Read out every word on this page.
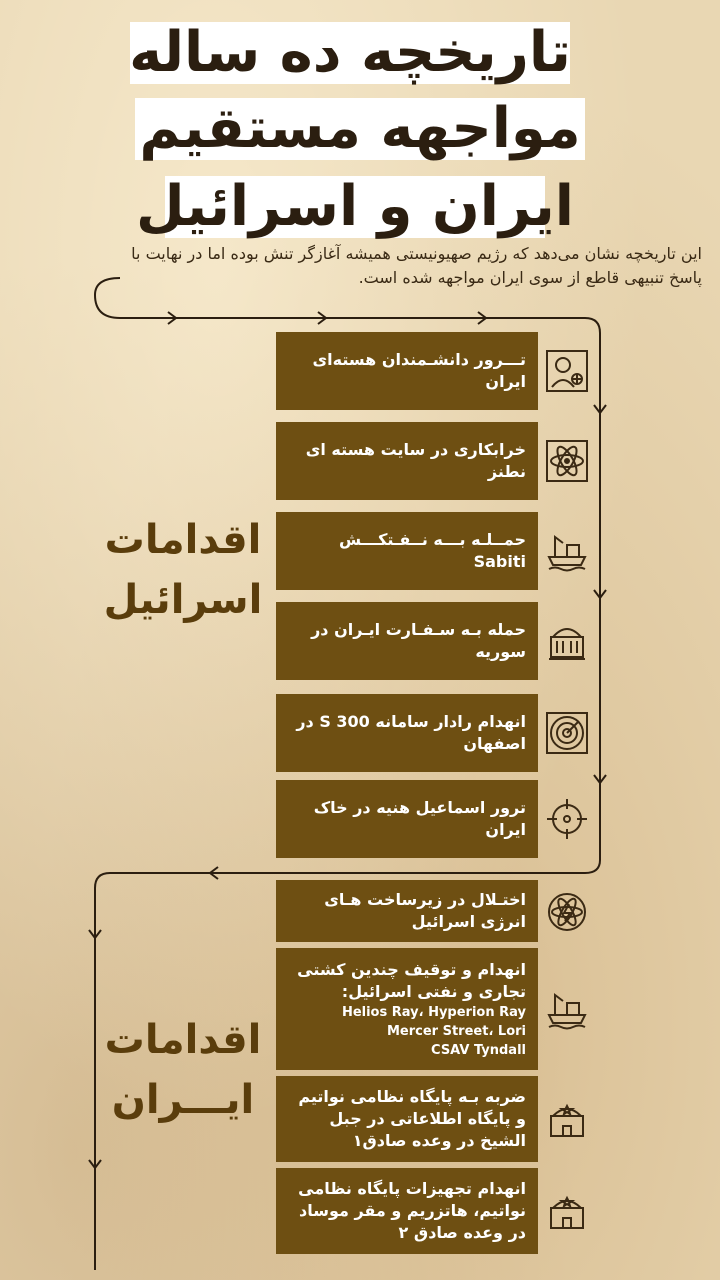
تاریخچه ده ساله
مواجهه مستقیم
ایران و اسرائیل
این تاریخچه نشان می‌دهد که رژیم صهیونیستی همیشه آغازگر تنش بوده اما در نهایت با پاسخ تنبیهی قاطع از سوی ایران مواجهه شده است.
اقدامات
اسرائیل
اقدامات
ایـــران
تـــرور دانشـمندان هسته‌ای ایران
خرابکاری در سایت هسته ای نطنز
حمــلـه بـــه نــفـتکـــش Sabiti
حمله بـه سـفـارت ایـران در سوریه
انهدام رادار سامانه S 300 در اصفهان
ترور اسماعیل هنیه در خاک ایران
اختـلال در زیرساخت هـای انرژی اسرائیل
انهدام و توقیف چندین کشتی تجاری و نفتی اسرائیل:
Helios Ray، Hyperion Ray
Mercer Street، Lori
CSAV Tyndall
ضربه بـه پایگاه نظامی نواتیم و پایگاه اطلاعاتی در جبل الشیخ در وعده صادق۱
انهدام تجهیزات پایگاه نظامی نواتیم، هاتزریم و مقر موساد در وعده صادق ۲
